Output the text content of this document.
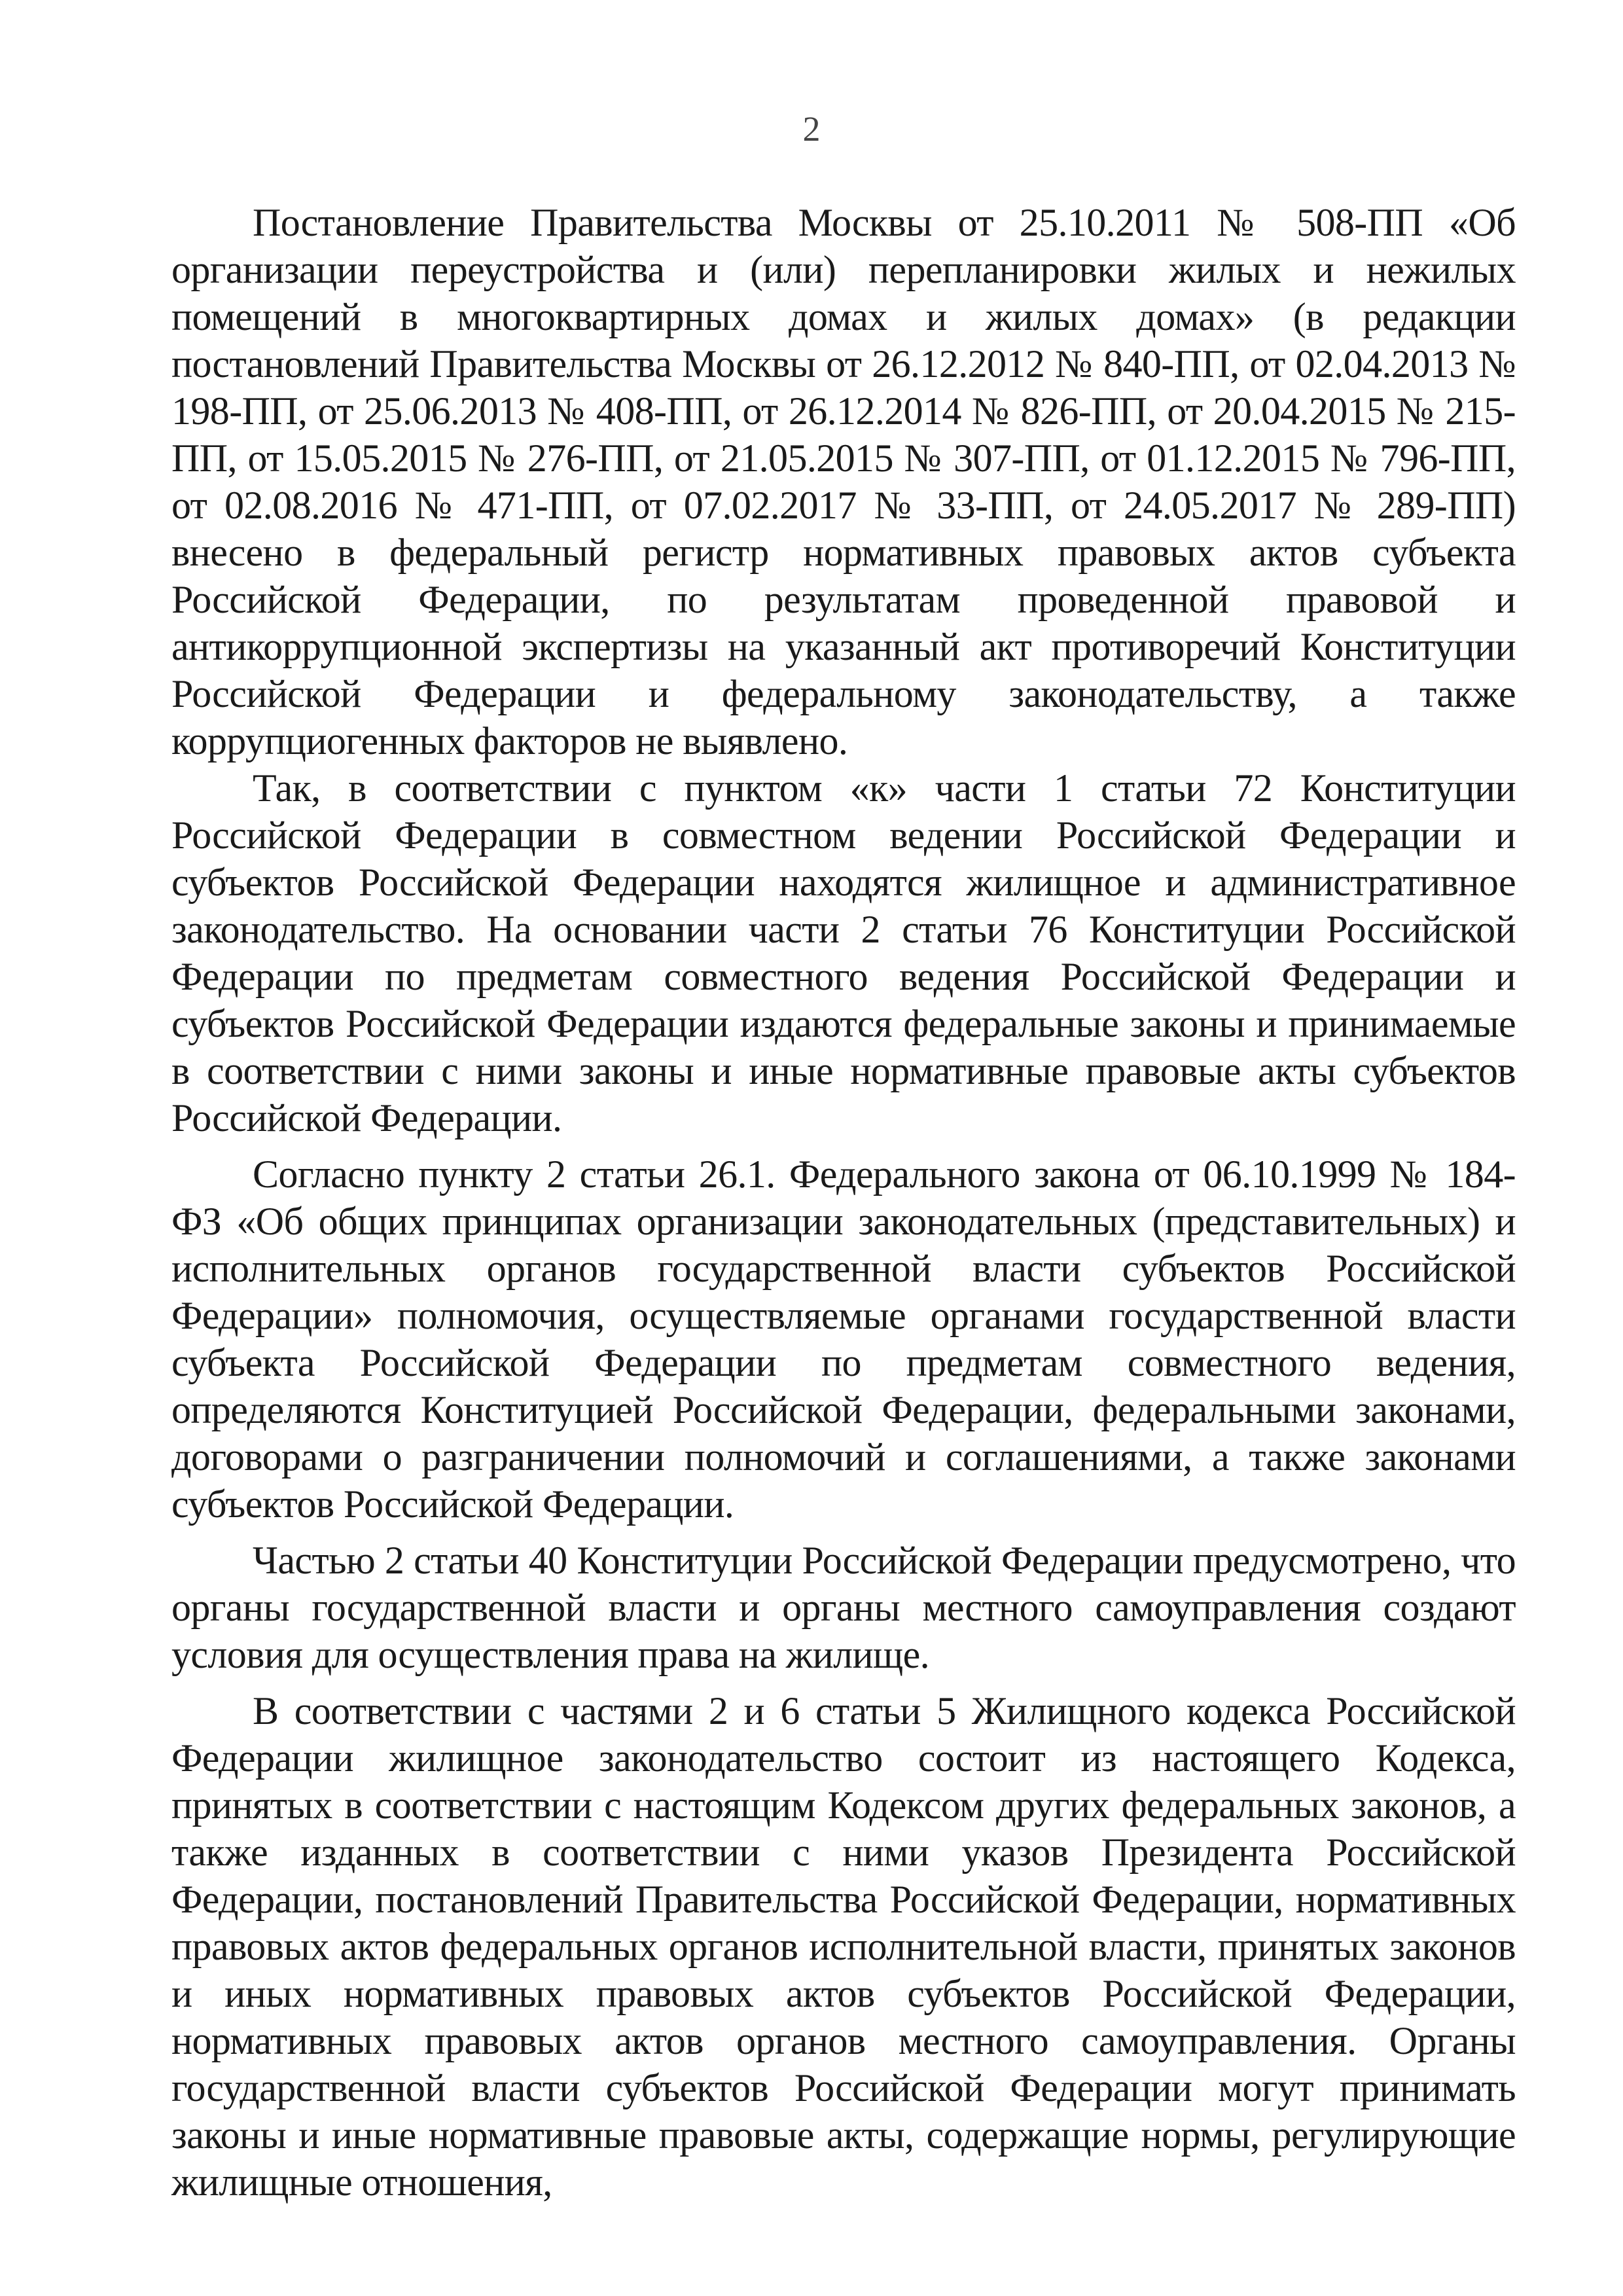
2

Постановление Правительства Москвы от 25.10.2011 № 508-ПП «Об организации переустройства и (или) перепланировки жилых и нежилых помещений в многоквартирных домах и жилых домах» (в редакции постановлений Правительства Москвы от 26.12.2012 № 840-ПП, от 02.04.2013 № 198-ПП, от 25.06.2013 № 408-ПП, от 26.12.2014 № 826-ПП, от 20.04.2015 № 215-ПП, от 15.05.2015 № 276-ПП, от 21.05.2015 № 307-ПП, от 01.12.2015 № 796-ПП, от 02.08.2016 № 471-ПП, от 07.02.2017 № 33-ПП, от 24.05.2017 № 289-ПП) внесено в федеральный регистр нормативных правовых актов субъекта Российской Федерации, по результатам проведенной правовой и антикоррупционной экспертизы на указанный акт противоречий Конституции Российской Федерации и федеральному законодательству, а также коррупциогенных факторов не выявлено.

Так, в соответствии с пунктом «к» части 1 статьи 72 Конституции Российской Федерации в совместном ведении Российской Федерации и субъектов Российской Федерации находятся жилищное и административное законодательство. На основании части 2 статьи 76 Конституции Российской Федерации по предметам совместного ведения Российской Федерации и субъектов Российской Федерации издаются федеральные законы и принимаемые в соответствии с ними законы и иные нормативные правовые акты субъектов Российской Федерации.

Согласно пункту 2 статьи 26.1. Федерального закона от 06.10.1999 № 184-ФЗ «Об общих принципах организации законодательных (представительных) и исполнительных органов государственной власти субъектов Российской Федерации» полномочия, осуществляемые органами государственной власти субъекта Российской Федерации по предметам совместного ведения, определяются Конституцией Российской Федерации, федеральными законами, договорами о разграничении полномочий и соглашениями, а также законами субъектов Российской Федерации.

Частью 2 статьи 40 Конституции Российской Федерации предусмотрено, что органы государственной власти и органы местного самоуправления создают условия для осуществления права на жилище.

В соответствии с частями 2 и 6 статьи 5 Жилищного кодекса Российской Федерации жилищное законодательство состоит из настоящего Кодекса, принятых в соответствии с настоящим Кодексом других федеральных законов, а также изданных в соответствии с ними указов Президента Российской Федерации, постановлений Правительства Российской Федерации, нормативных правовых актов федеральных органов исполнительной власти, принятых законов и иных нормативных правовых актов субъектов Российской Федерации, нормативных правовых актов органов местного самоуправления. Органы государственной власти субъектов Российской Федерации могут принимать законы и иные нормативные правовые акты, содержащие нормы, регулирующие жилищные отношения,
